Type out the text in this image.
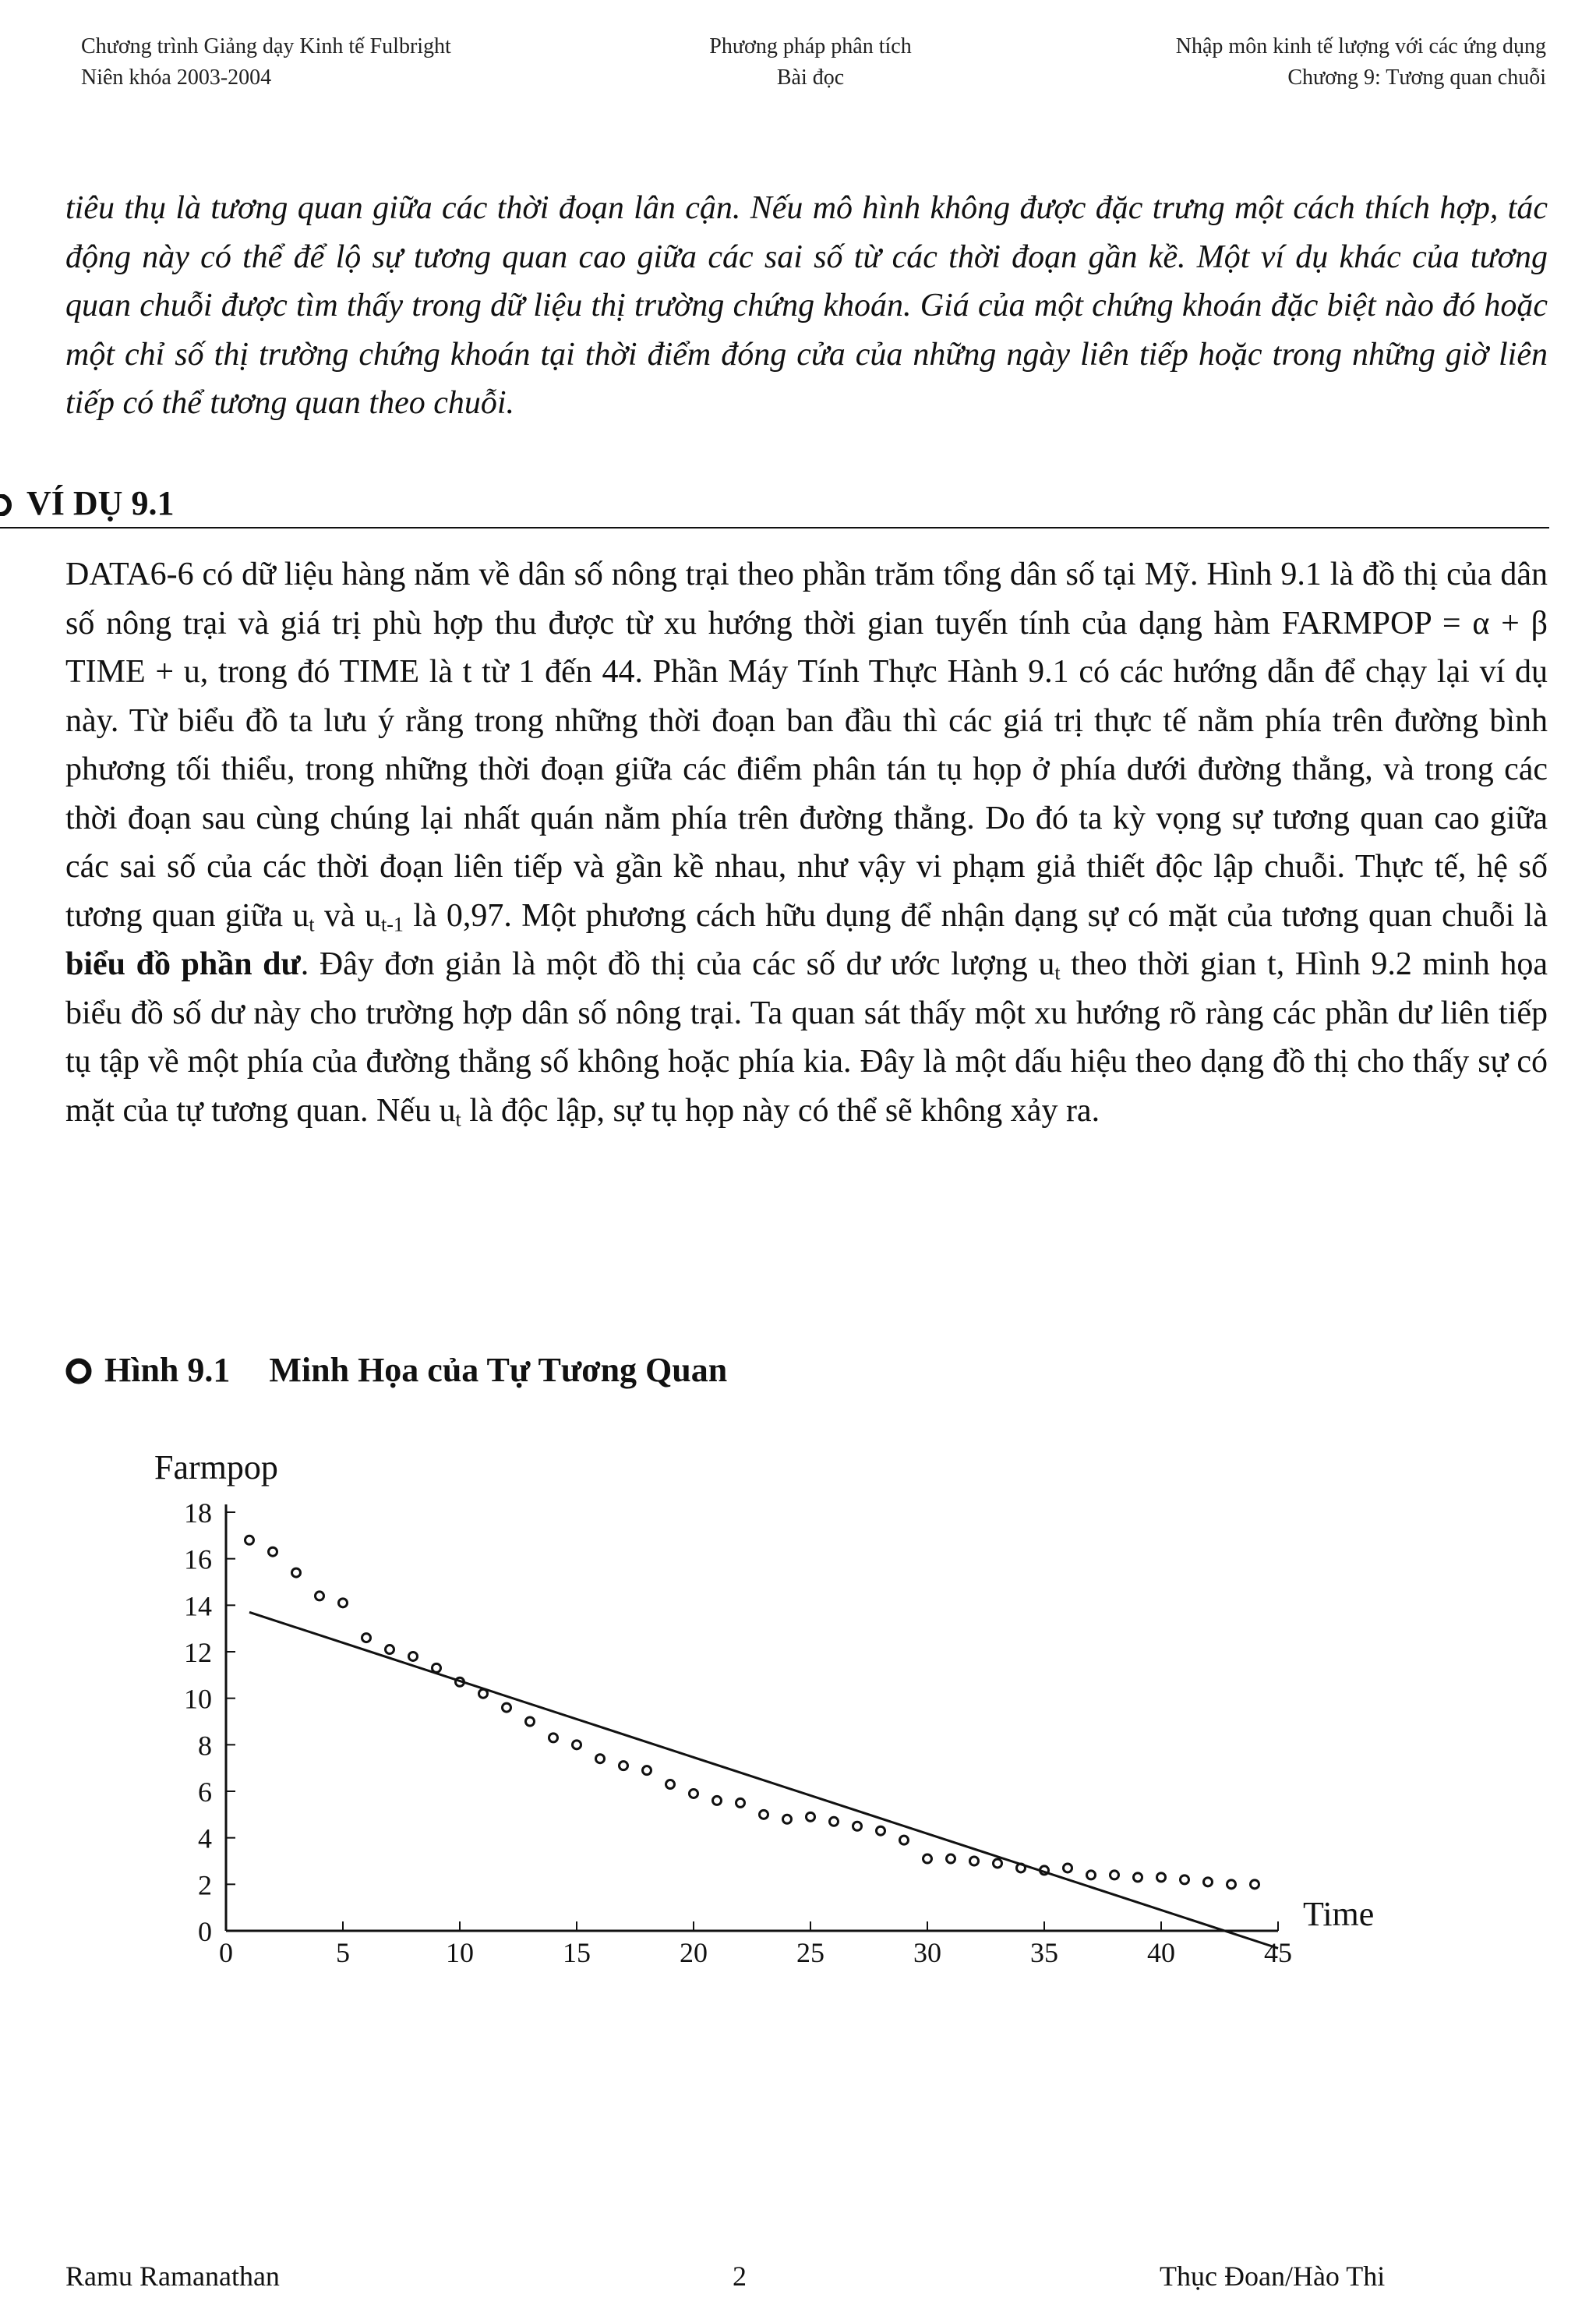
Chương trình Giảng dạy Kinh tế Fulbright
Niên khóa 2003-2004
Phương pháp phân tích
Bài đọc
Nhập môn kinh tế lượng với các ứng dụng
Chương 9: Tương quan chuỗi

tiêu thụ là tương quan giữa các thời đoạn lân cận. Nếu mô hình không được đặc trưng một cách thích hợp, tác động này có thể để lộ sự tương quan cao giữa các sai số từ các thời đoạn gần kề. Một ví dụ khác của tương quan chuỗi được tìm thấy trong dữ liệu thị trường chứng khoán. Giá của một chứng khoán đặc biệt nào đó hoặc một chỉ số thị trường chứng khoán tại thời điểm đóng cửa của những ngày liên tiếp hoặc trong những giờ liên tiếp có thể tương quan theo chuỗi.

VÍ DỤ 9.1

DATA6-6 có dữ liệu hàng năm về dân số nông trại theo phần trăm tổng dân số tại Mỹ. Hình 9.1 là đồ thị của dân số nông trại và giá trị phù hợp thu được từ xu hướng thời gian tuyến tính của dạng hàm FARMPOP = α + β TIME + u, trong đó TIME là t từ 1 đến 44. Phần Máy Tính Thực Hành 9.1 có các hướng dẫn để chạy lại ví dụ này. Từ biểu đồ ta lưu ý rằng trong những thời đoạn ban đầu thì các giá trị thực tế nằm phía trên đường bình phương tối thiểu, trong những thời đoạn giữa các điểm phân tán tụ họp ở phía dưới đường thẳng, và trong các thời đoạn sau cùng chúng lại nhất quán nằm phía trên đường thẳng. Do đó ta kỳ vọng sự tương quan cao giữa các sai số của các thời đoạn liên tiếp và gần kề nhau, như vậy vi phạm giả thiết độc lập chuỗi. Thực tế, hệ số tương quan giữa $u_t$ và $u_{t-1}$ là 0,97. Một phương cách hữu dụng để nhận dạng sự có mặt của tương quan chuỗi là biểu đồ phần dư. Đây đơn giản là một đồ thị của các số dư ước lượng $u_t$ theo thời gian t, Hình 9.2 minh họa biểu đồ số dư này cho trường hợp dân số nông trại. Ta quan sát thấy một xu hướng rõ ràng các phần dư liên tiếp tụ tập về một phía của đường thẳng số không hoặc phía kia. Đây là một dấu hiệu theo dạng đồ thị cho thấy sự có mặt của tự tương quan. Nếu $u_t$ là độc lập, sự tụ họp này có thể sẽ không xảy ra.

Hình 9.1 Minh Họa của Tự Tương Quan
Farmpop
Time
0
2
4
6
8
10
12
14
16
18
0	5	10	15	20	25	30	35	40	45
Ramu Ramanathan	2	Thục Đoan/Hào Thi
